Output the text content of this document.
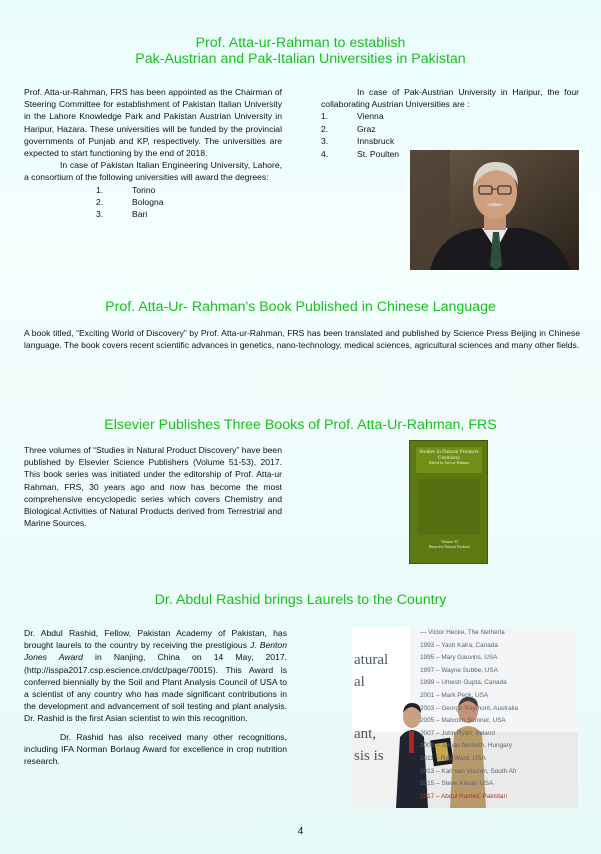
Prof. Atta-ur-Rahman to establish
Pak-Austrian and Pak-Italian Universities in Pakistan

Prof. Atta-ur-Rahman, FRS has been appointed as the Chairman of Steering Committee for establishment of Pakistan Italian University in the Lahore Knowledge Park and Pakistan Austrian University in Haripur, Hazara. These universities will be funded by the provincial governments of Punjab and KP, respectively. The universities are expected to start functioning by the end of 2018.

In case of Pakistan Italian Engineering University, Lahore, a consortium of the following universities will award the degrees:

1.	Torino
2.	Bologna
3.	Bari

In case of Pak-Austrian University in Haripur, the four collaborating Austrian Universities are :

1.	Vienna
2.	Graz
3.	Innsbruck
4.	St. Poulten
Prof. Atta-Ur- Rahman's Book Published in Chinese Language

A book titled, “Exciting World of Discovery” by Prof. Atta-ur-Rahman, FRS has been translated and published by Science Press Beijing in Chinese language. The book covers recent scientific advances in genetics, nano-technology, medical sciences, agricultural sciences and many other fields.

Elsevier Publishes Three Books of Prof. Atta-Ur-Rahman, FRS

Three volumes of “Studies in Natural Product Discovery” have been published by Elsevier Science Publishers (Volume 51-53), 2017. This book series was initiated under the editorship of Prof. Atta-ur Rahman, FRS, 30 years ago and now has become the most comprehensive encyclopedic series which covers Chemistry and Biological Activities of Natural Products derived from Terrestrial and Marine Sources.

Studies in Natural Products Chemistry
Edited by Atta-ur-Rahman
Volume 52
Bioactive Natural Products
Dr. Abdul Rashid brings Laurels to the Country

Dr. Abdul Rashid, Fellow, Pakistan Academy of Pakistan, has brought laurels to the country by receiving the prestigious J. Benton Jones Award in Nanjing, China on 14 May, 2017.(http://isspa2017.csp.escience.cn/dct/page/70015). This Award is conferred biennially by the Soil and Plant Analysis Council of USA to a scientist of any country who has made significant contributions in the development and advancement of soil testing and plant analysis. Dr. Rashid is the first Asian scientist to win this recognition.

Dr. Rashid has also received many other recognitions, including IFA Norman Borlaug Award for excellence in crop nutrition research.

atural
al
ant,
sis is
— Victor Hecke, The Netherla
1993 – Yash Kalra, Canada
1995 – Mary Gauvins, USA
1997 – Wayne Subbe, USA
1999 – Umesh Gupta, Canada
2001 – Mark Peck, USA
2003 – George Raymont, Australia
2005 – Malcolm Sumner, USA
2007 – John Ryan, Ireland
2009 – Jamas Nemeth, Hungary
2011 – Ray Ward, USA
2013 – Karl van Vuuren, South Afr
2015 – Steve Kissel, USA
2017 – Abdul Rashid, Pakistan
4
